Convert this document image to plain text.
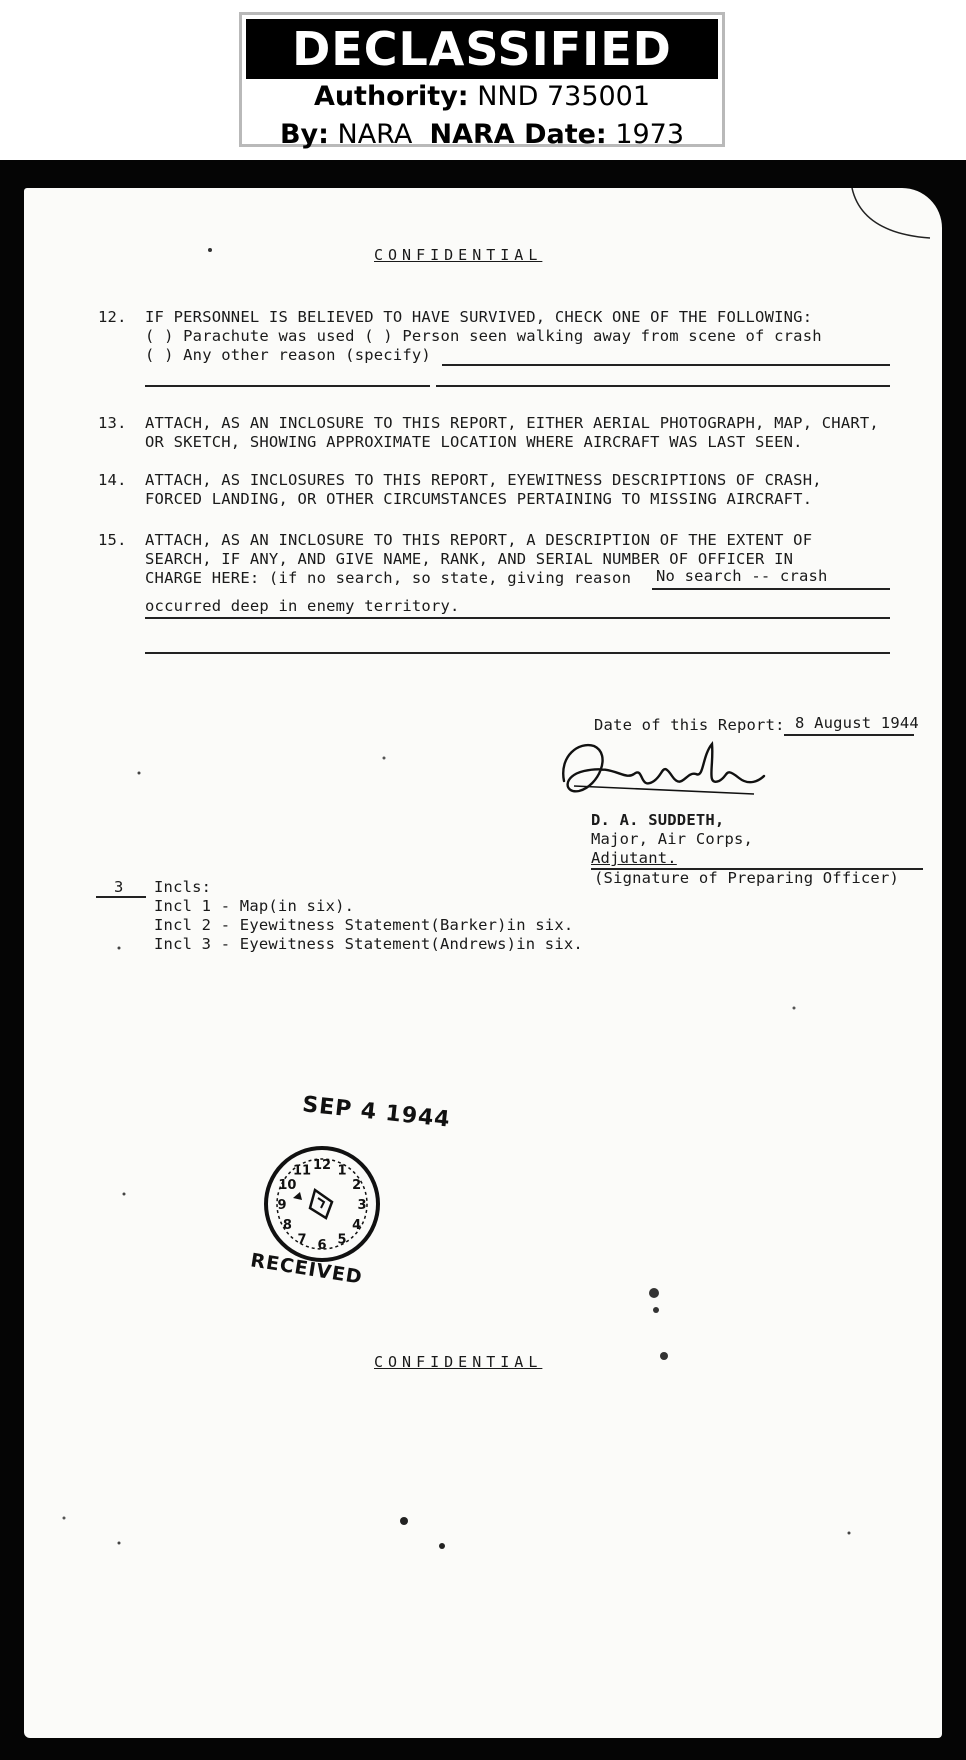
DECLASSIFIED
Authority: NND 735001
By: NARA NARA Date: 1973
CONFIDENTIAL
12. IF PERSONNEL IS BELIEVED TO HAVE SURVIVED, CHECK ONE OF THE FOLLOWING:
( ) Parachute was used ( ) Person seen walking away from scene of crash
( ) Any other reason (specify)
13. ATTACH, AS AN INCLOSURE TO THIS REPORT, EITHER AERIAL PHOTOGRAPH, MAP, CHART,
OR SKETCH, SHOWING APPROXIMATE LOCATION WHERE AIRCRAFT WAS LAST SEEN.
14. ATTACH, AS INCLOSURES TO THIS REPORT, EYEWITNESS DESCRIPTIONS OF CRASH,
FORCED LANDING, OR OTHER CIRCUMSTANCES PERTAINING TO MISSING AIRCRAFT.
15. ATTACH, AS AN INCLOSURE TO THIS REPORT, A DESCRIPTION OF THE EXTENT OF
SEARCH, IF ANY, AND GIVE NAME, RANK, AND SERIAL NUMBER OF OFFICER IN
CHARGE HERE: (if no search, so state, giving reason No search -- crash
occurred deep in enemy territory.
Date of this Report: 8 August 1944
D. A. SUDDETH,
Major, Air Corps,
Adjutant.
(Signature of Preparing Officer)
3 Incls:
Incl 1 - Map(in six).
Incl 2 - Eyewitness Statement(Barker)in six.
Incl 3 - Eyewitness Statement(Andrews)in six.
SEP 4 1944
12 1
2
3
4
5
6
7
8
9
10
11
RECEIVED
CONFIDENTIAL
